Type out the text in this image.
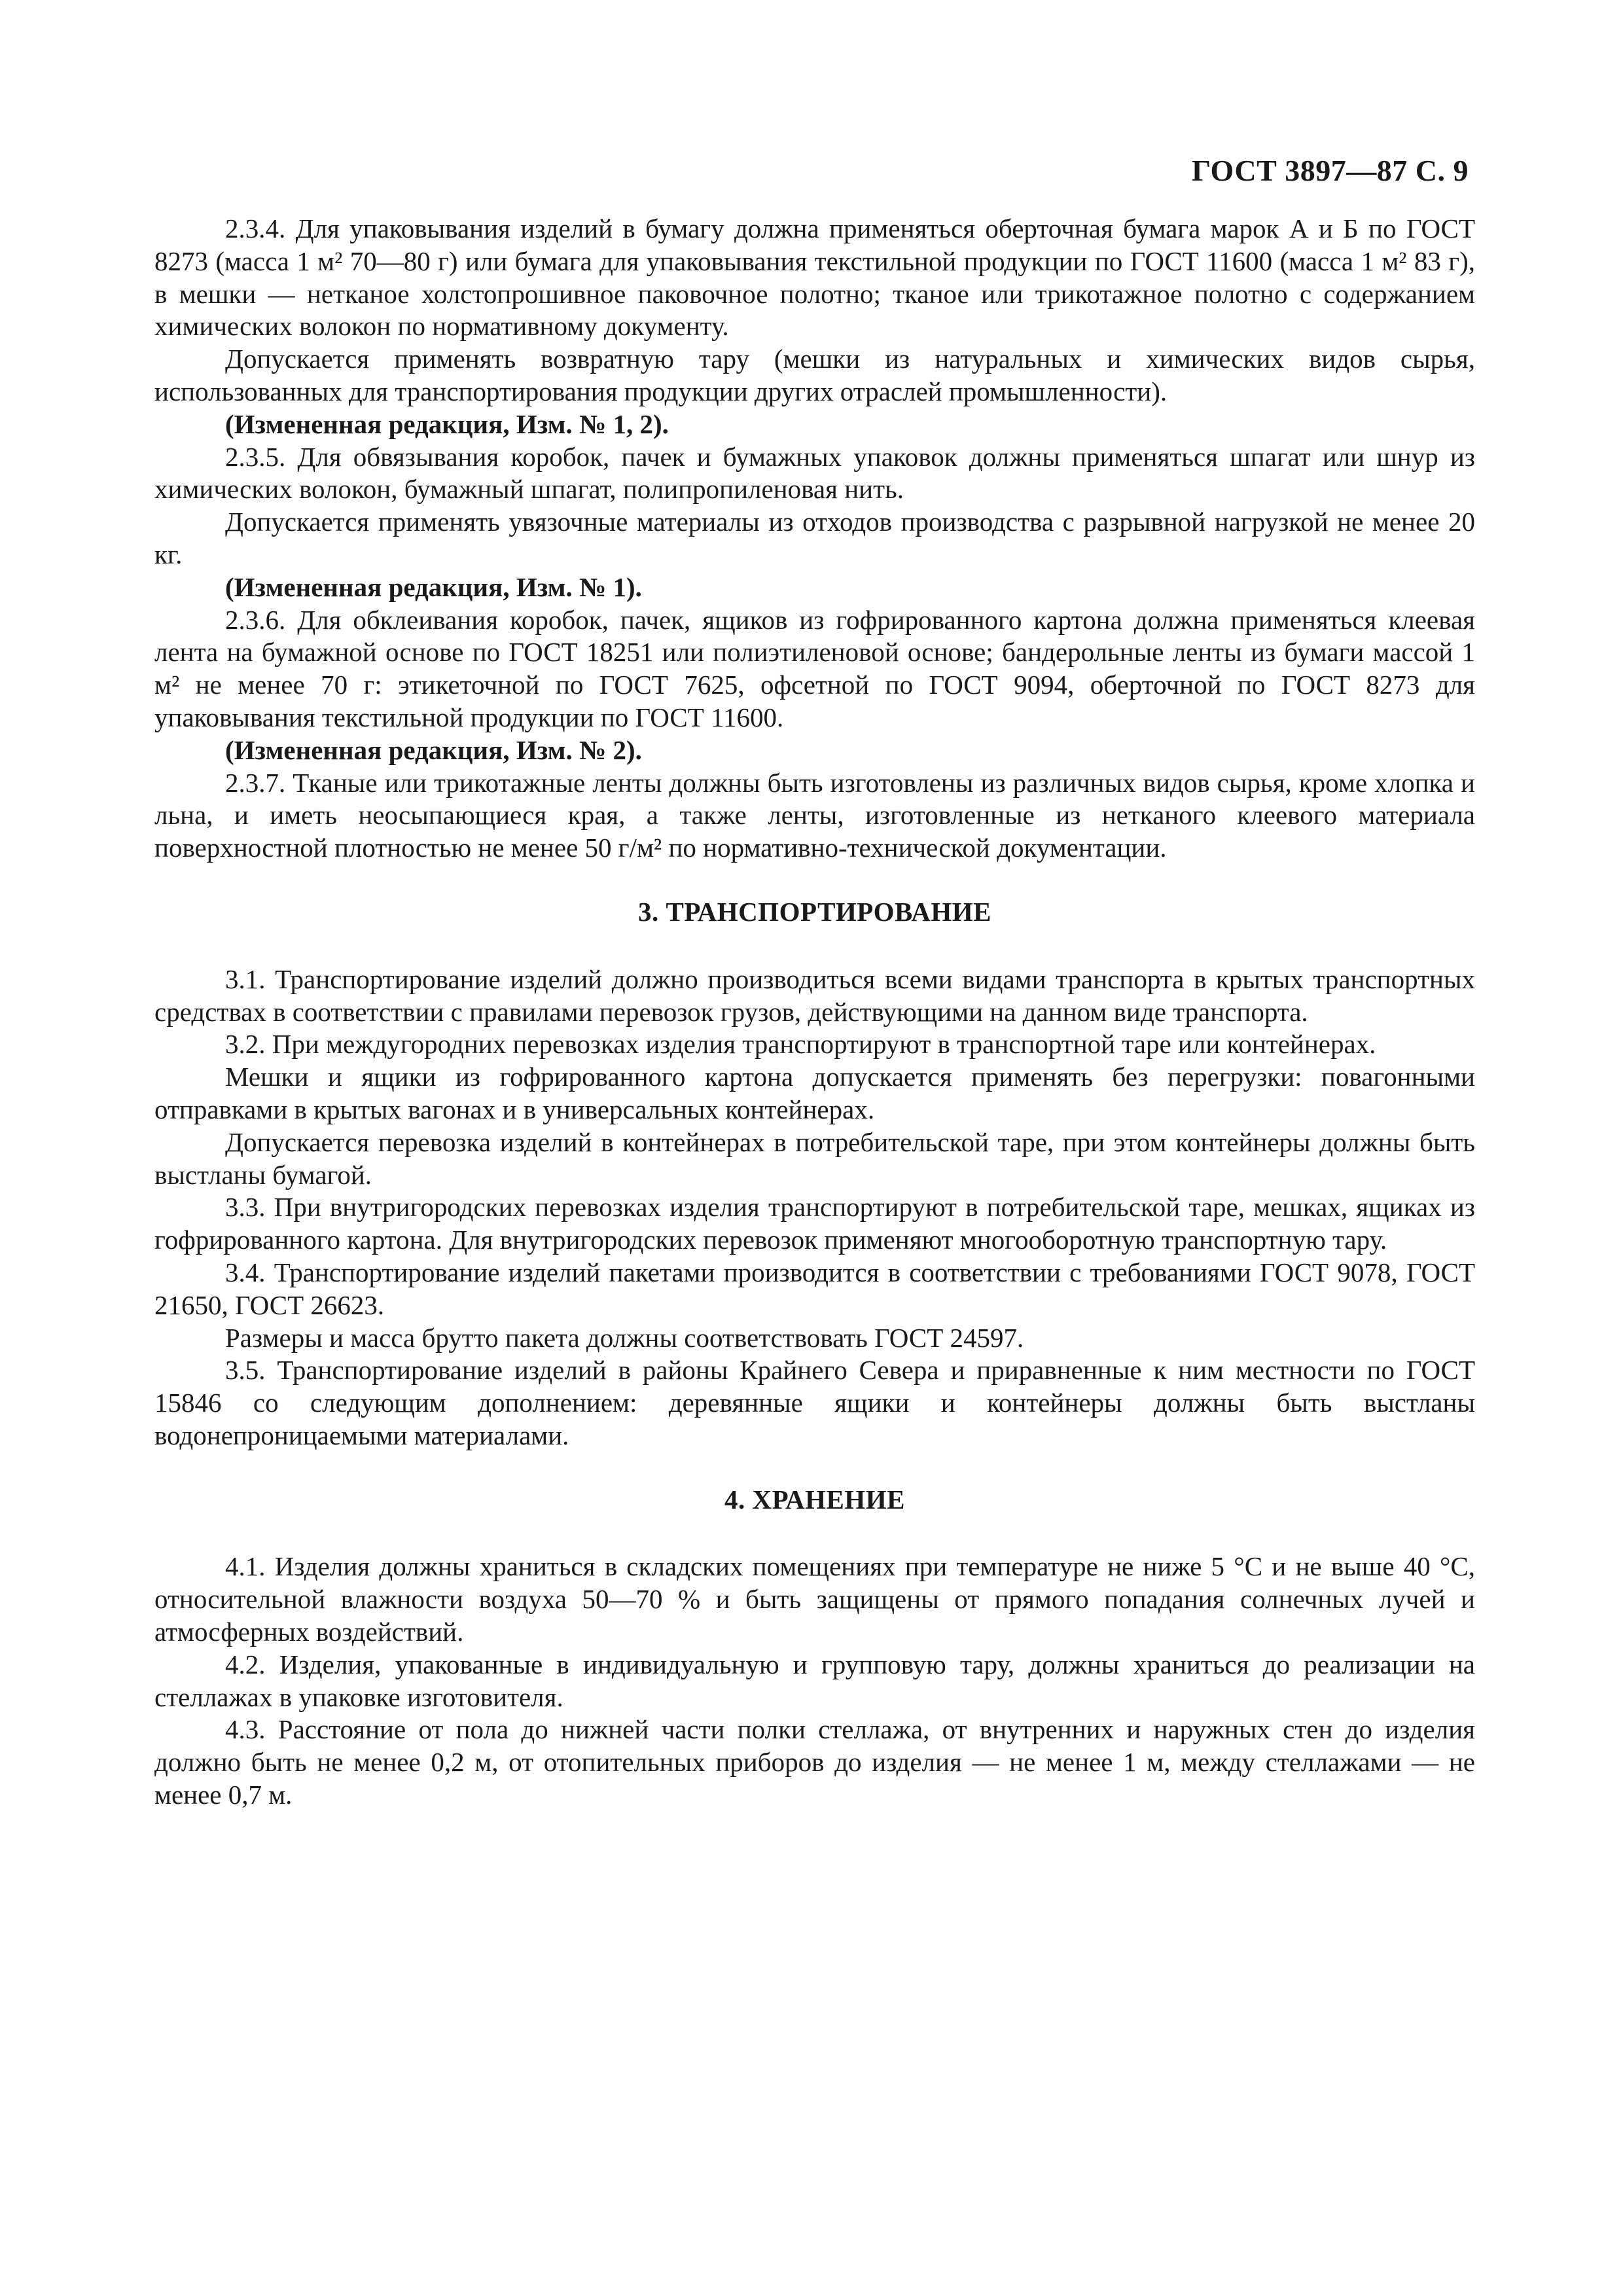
ГОСТ 3897—87 С. 9

2.3.4. Для упаковывания изделий в бумагу должна применяться оберточная бумага марок А и Б по ГОСТ 8273 (масса 1 м² 70—80 г) или бумага для упаковывания текстильной продукции по ГОСТ 11600 (масса 1 м² 83 г), в мешки — нетканое холстопрошивное паковочное полотно; тканое или трикотажное полотно с содержанием химических волокон по нормативному документу.

Допускается применять возвратную тару (мешки из натуральных и химических видов сырья, использованных для транспортирования продукции других отраслей промышленности).

(Измененная редакция, Изм. № 1, 2).

2.3.5. Для обвязывания коробок, пачек и бумажных упаковок должны применяться шпагат или шнур из химических волокон, бумажный шпагат, полипропиленовая нить.

Допускается применять увязочные материалы из отходов производства с разрывной нагрузкой не менее 20 кг.

(Измененная редакция, Изм. № 1).

2.3.6. Для обклеивания коробок, пачек, ящиков из гофрированного картона должна применяться клеевая лента на бумажной основе по ГОСТ 18251 или полиэтиленовой основе; бандерольные ленты из бумаги массой 1 м² не менее 70 г: этикеточной по ГОСТ 7625, офсетной по ГОСТ 9094, оберточной по ГОСТ 8273 для упаковывания текстильной продукции по ГОСТ 11600.

(Измененная редакция, Изм. № 2).

2.3.7. Тканые или трикотажные ленты должны быть изготовлены из различных видов сырья, кроме хлопка и льна, и иметь неосыпающиеся края, а также ленты, изготовленные из нетканого клеевого материала поверхностной плотностью не менее 50 г/м² по нормативно-технической документации.

3. ТРАНСПОРТИРОВАНИЕ

3.1. Транспортирование изделий должно производиться всеми видами транспорта в крытых транспортных средствах в соответствии с правилами перевозок грузов, действующими на данном виде транспорта.

3.2. При междугородних перевозках изделия транспортируют в транспортной таре или контейнерах.

Мешки и ящики из гофрированного картона допускается применять без перегрузки: повагонными отправками в крытых вагонах и в универсальных контейнерах.

Допускается перевозка изделий в контейнерах в потребительской таре, при этом контейнеры должны быть выстланы бумагой.

3.3. При внутригородских перевозках изделия транспортируют в потребительской таре, мешках, ящиках из гофрированного картона. Для внутригородских перевозок применяют многооборотную транспортную тару.

3.4. Транспортирование изделий пакетами производится в соответствии с требованиями ГОСТ 9078, ГОСТ 21650, ГОСТ 26623.

Размеры и масса брутто пакета должны соответствовать ГОСТ 24597.

3.5. Транспортирование изделий в районы Крайнего Севера и приравненные к ним местности по ГОСТ 15846 со следующим дополнением: деревянные ящики и контейнеры должны быть выстланы водонепроницаемыми материалами.

4. ХРАНЕНИЕ

4.1. Изделия должны храниться в складских помещениях при температуре не ниже 5 °С и не выше 40 °С, относительной влажности воздуха 50—70 % и быть защищены от прямого попадания солнечных лучей и атмосферных воздействий.

4.2. Изделия, упакованные в индивидуальную и групповую тару, должны храниться до реализации на стеллажах в упаковке изготовителя.

4.3. Расстояние от пола до нижней части полки стеллажа, от внутренних и наружных стен до изделия должно быть не менее 0,2 м, от отопительных приборов до изделия — не менее 1 м, между стеллажами — не менее 0,7 м.
